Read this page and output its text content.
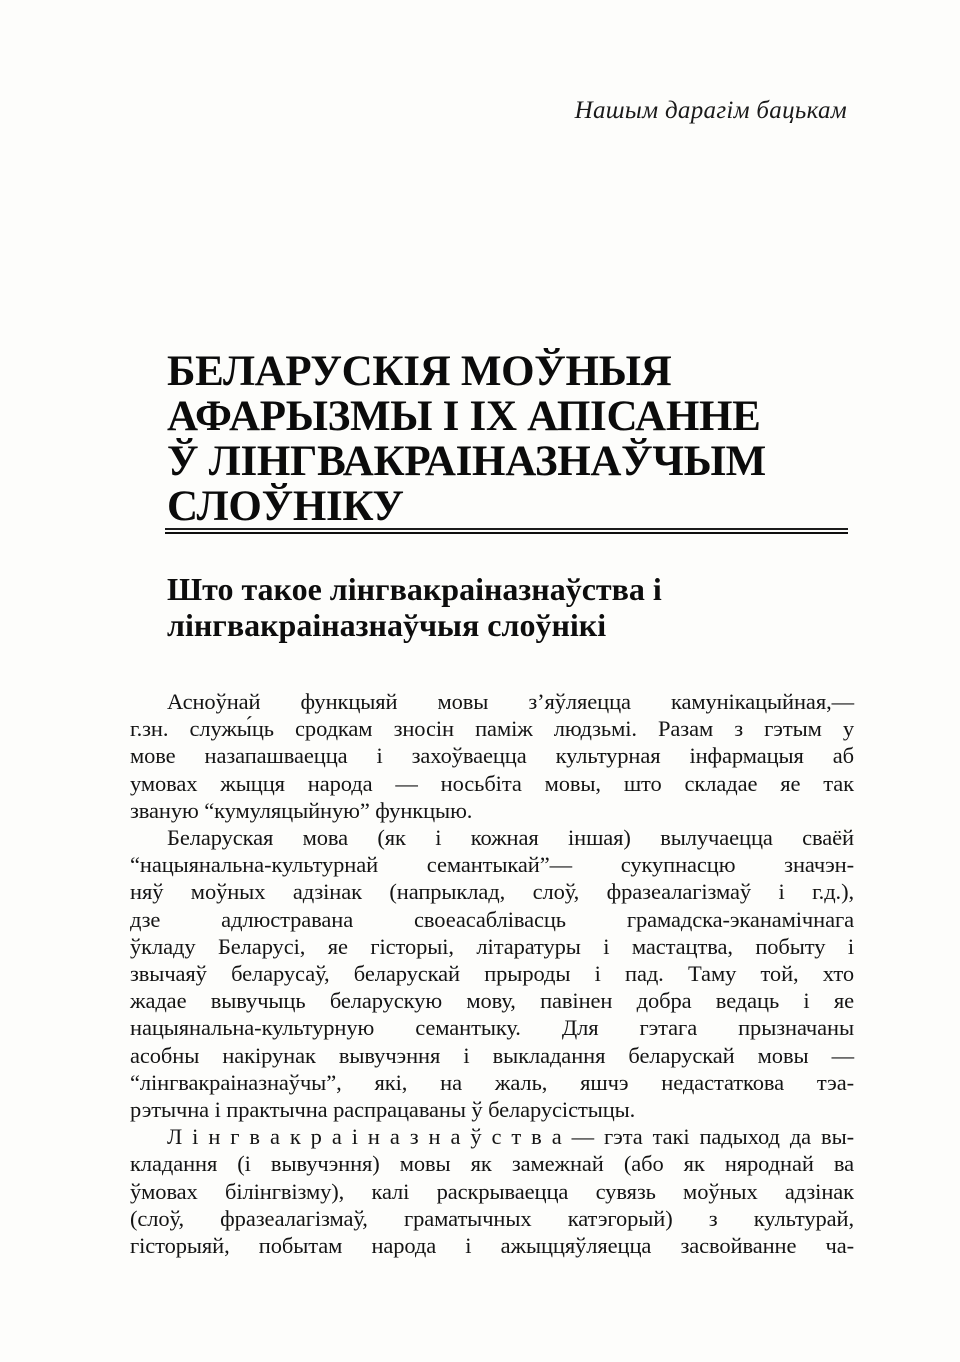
Нашым дарагім бацькам
БЕЛАРУСКІЯ МОЎНЫЯ
АФАРЫЗМЫ І ІХ АПІСАННЕ
Ў ЛІНГВАКРАІНАЗНАЎЧЫМ
СЛОЎНІКУ
Што такое лінгвакраіназнаўства і
лінгвакраіназнаўчыя слоўнікі
Асноўнай функцыяй мовы з’яўляецца камунікацыйная,—
г.зн. служы́ць сродкам зносін паміж людзьмі. Разам з гэтым у
мове назапашваецца і захоўваецца культурная інфармацыя аб
умовах жыцця народа — носьбіта мовы, што складае яе так
званую “кумуляцыйную” функцыю.
Беларуская мова (як і кожная іншая) вылучаецца сваёй
“нацыянальна-культурнай семантыкай”— сукупнасцю значэн-
няў моўных адзінак (напрыклад, слоў, фразеалагізмаў і г.д.),
дзе адлюстравана своеасаблівасць грамадска-эканамічнага
ўкладу Беларусі, яе гісторыі, літаратуры і мастацтва, побыту і
звычаяў беларусаў, беларускай прыроды і пад. Таму той, хто
жадае вывучыць беларускую мову, павінен добра ведаць і яе
нацыянальна-культурную семантыку. Для гэтага прызначаны
асобны накірунак вывучэння і выкладання беларускай мовы —
“лінгвакраіназнаўчы”, які, на жаль, яшчэ недастаткова тэа-
рэтычна і практычна распрацаваны ў беларусістыцы.
Л і н г в а к р а і н а з н а ў с т в а — гэта такі падыход да вы-
кладання (і вывучэння) мовы як замежнай (або як няроднай ва
ўмовах білінгвізму), калі раскрываецца сувязь моўных адзінак
(слоў, фразеалагізмаў, граматычных катэгорый) з культурай,
гісторыяй, побытам народа і ажыццяўляецца засвойванне ча-
